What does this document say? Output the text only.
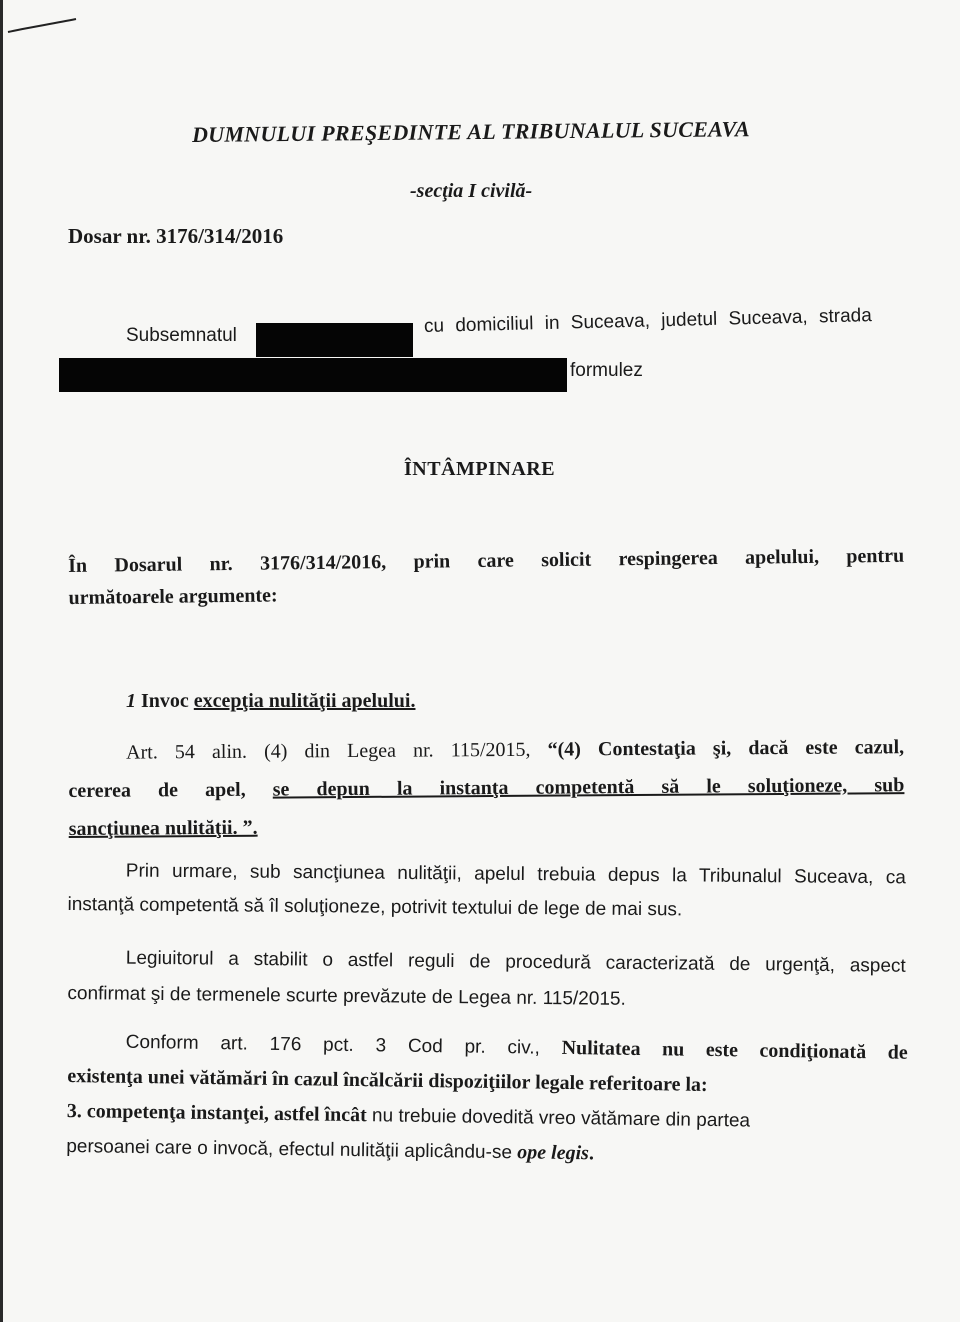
DUMNULUI PREŞEDINTE AL TRIBUNALUL SUCEAVA
-secţia I civilă-
Dosar nr. 3176/314/2016
Subsemnatul	cu domiciliul in Suceava, judetul Suceava, strada
formulez
ÎNTÂMPINARE
În Dosarul nr. 3176/314/2016, prin care solicit respingerea apelului, pentru
următoarele argumente:
1 Invoc excepţia nulităţii apelului.
Art. 54 alin. (4) din Legea nr. 115/2015, “(4) Contestaţia şi, dacă este cazul,
cererea de apel, se depun la instanţa competentă să le soluţioneze, sub
sancţiunea nulităţii. ”.
Prin urmare, sub sancţiunea nulităţii, apelul trebuia depus la Tribunalul Suceava, ca
instanţă competentă să îl soluţioneze, potrivit textului de lege de mai sus.
Legiuitorul a stabilit o astfel reguli de procedură caracterizată de urgenţă, aspect
confirmat şi de termenele scurte prevăzute de Legea nr. 115/2015.
Conform art. 176 pct. 3 Cod pr. civ., Nulitatea nu este condiţionată de
existenţa unei vătămări în cazul încălcării dispoziţiilor legale referitoare la:
3. competenţa instanţei, astfel încât nu trebuie dovedită vreo vătămare din partea
persoanei care o invocă, efectul nulităţii aplicându-se ope legis.
